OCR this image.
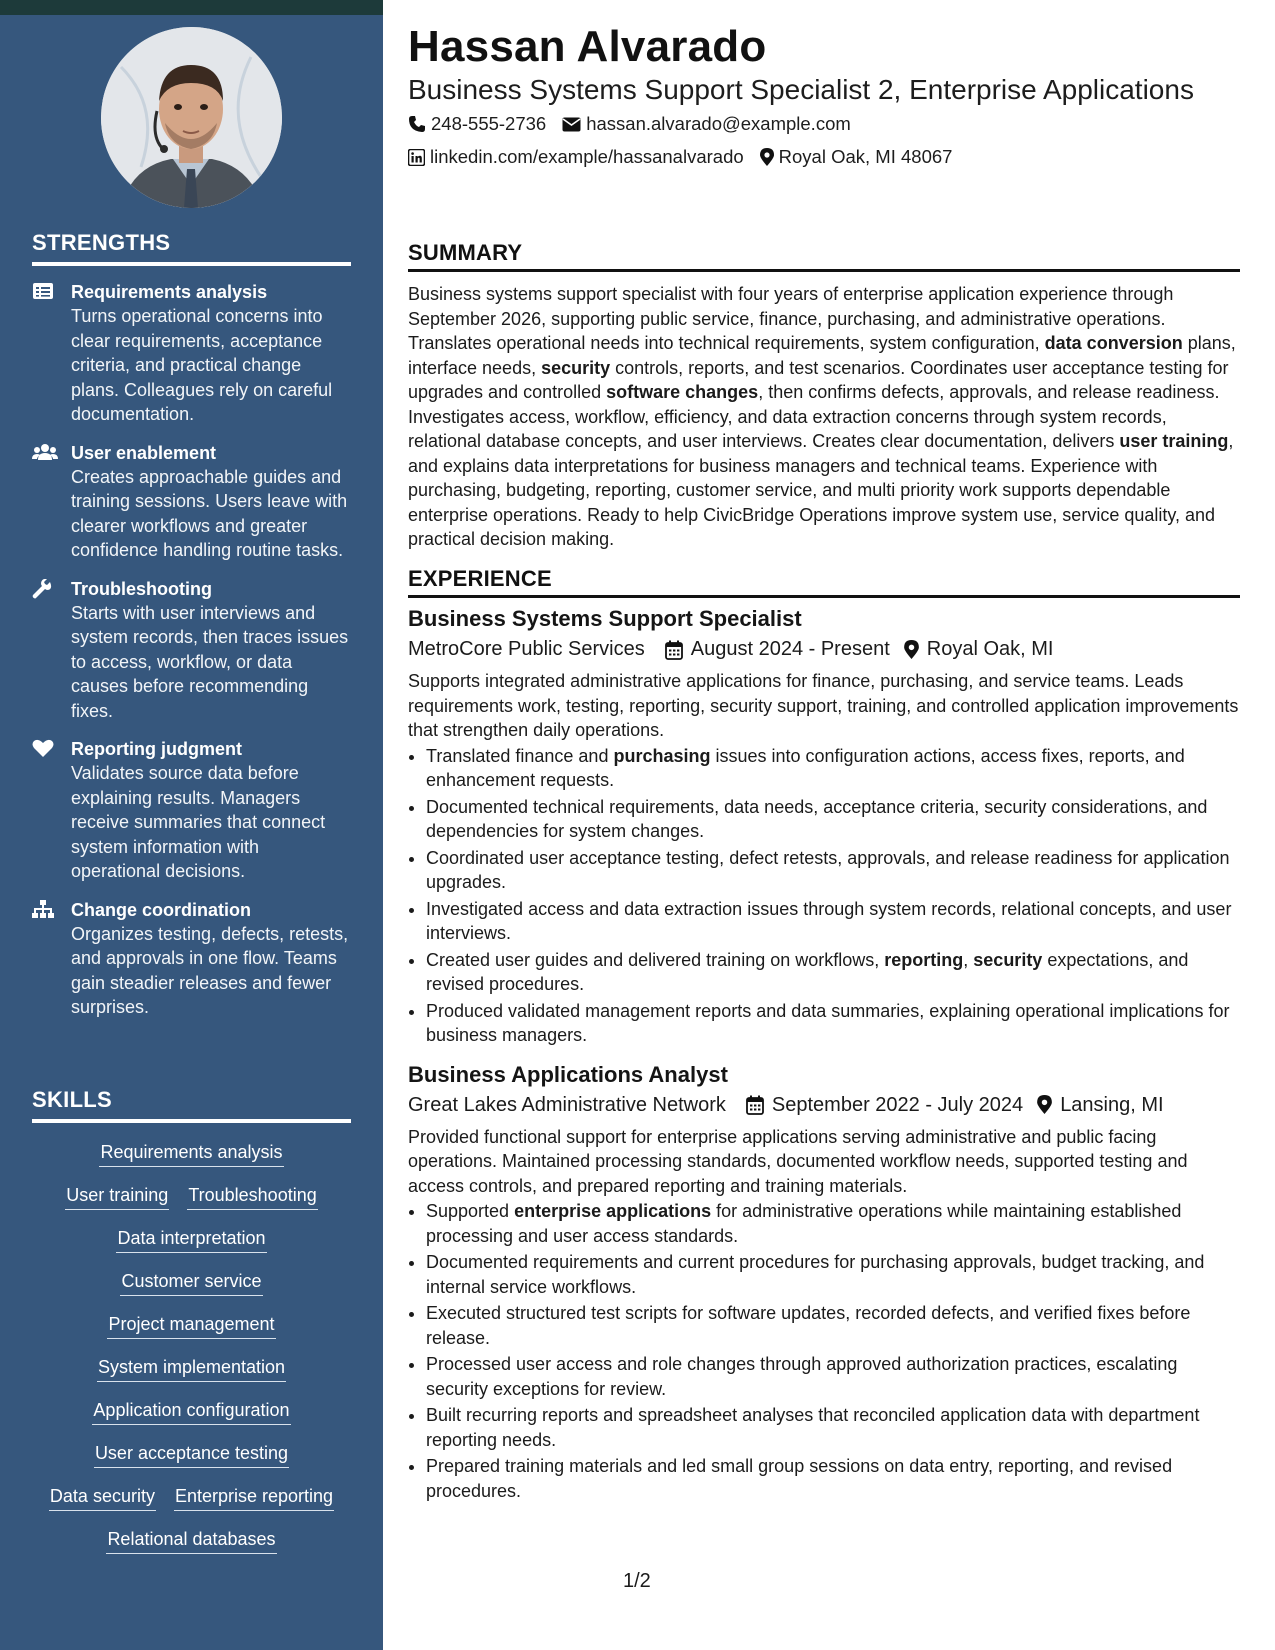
STRENGTHS
Requirements analysis
Turns operational concerns into clear requirements, acceptance criteria, and practical change plans. Colleagues rely on careful documentation.
User enablement
Creates approachable guides and training sessions. Users leave with clearer workflows and greater confidence handling routine tasks.
Troubleshooting
Starts with user interviews and system records, then traces issues to access, workflow, or data causes before recommending fixes.
Reporting judgment
Validates source data before explaining results. Managers receive summaries that connect system information with operational decisions.
Change coordination
Organizes testing, defects, retests, and approvals in one flow. Teams gain steadier releases and fewer surprises.
SKILLS
Requirements analysis
User training Troubleshooting
Data interpretation
Customer service
Project management
System implementation
Application configuration
User acceptance testing
Data security Enterprise reporting
Relational databases
Hassan Alvarado
Business Systems Support Specialist 2, Enterprise Applications
248-555-2736 hassan.alvarado@example.com
linkedin.com/example/hassanalvarado Royal Oak, MI 48067
SUMMARY
Business systems support specialist with four years of enterprise application experience through September 2026, supporting public service, finance, purchasing, and administrative operations. Translates operational needs into technical requirements, system configuration, data conversion plans, interface needs, security controls, reports, and test scenarios. Coordinates user acceptance testing for upgrades and controlled software changes, then confirms defects, approvals, and release readiness. Investigates access, workflow, efficiency, and data extraction concerns through system records, relational database concepts, and user interviews. Creates clear documentation, delivers user training, and explains data interpretations for business managers and technical teams. Experience with purchasing, budgeting, reporting, customer service, and multi priority work supports dependable enterprise operations. Ready to help CivicBridge Operations improve system use, service quality, and practical decision making.
EXPERIENCE
Business Systems Support Specialist
MetroCore Public Services August 2024 - Present Royal Oak, MI
Supports integrated administrative applications for finance, purchasing, and service teams. Leads requirements work, testing, reporting, security support, training, and controlled application improvements that strengthen daily operations.
• Translated finance and purchasing issues into configuration actions, access fixes, reports, and enhancement requests.
• Documented technical requirements, data needs, acceptance criteria, security considerations, and dependencies for system changes.
• Coordinated user acceptance testing, defect retests, approvals, and release readiness for application upgrades.
• Investigated access and data extraction issues through system records, relational concepts, and user interviews.
• Created user guides and delivered training on workflows, reporting, security expectations, and revised procedures.
• Produced validated management reports and data summaries, explaining operational implications for business managers.
Business Applications Analyst
Great Lakes Administrative Network September 2022 - July 2024 Lansing, MI
Provided functional support for enterprise applications serving administrative and public facing operations. Maintained processing standards, documented workflow needs, supported testing and access controls, and prepared reporting and training materials.
• Supported enterprise applications for administrative operations while maintaining established processing and user access standards.
• Documented requirements and current procedures for purchasing approvals, budget tracking, and internal service workflows.
• Executed structured test scripts for software updates, recorded defects, and verified fixes before release.
• Processed user access and role changes through approved authorization practices, escalating security exceptions for review.
• Built recurring reports and spreadsheet analyses that reconciled application data with department reporting needs.
• Prepared training materials and led small group sessions on data entry, reporting, and revised procedures.
1/2
